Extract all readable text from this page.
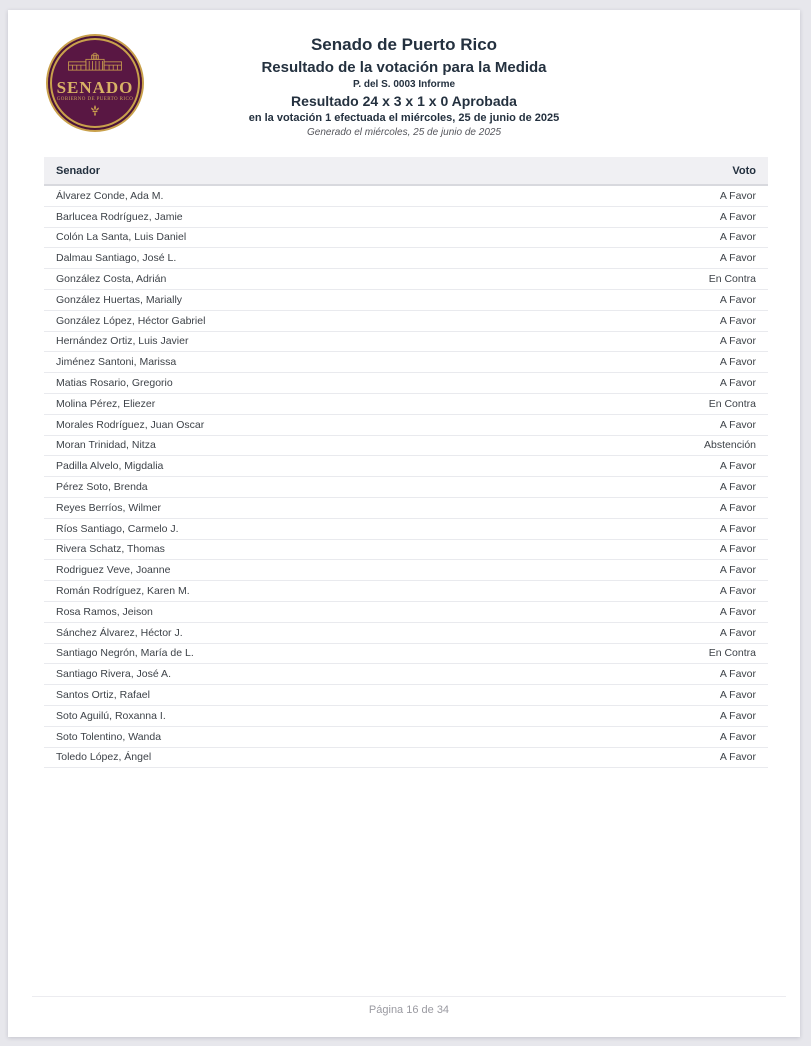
SENADO
GOBIERNO DE PUERTO RICO
Senado de Puerto Rico
Resultado de la votación para la Medida
P. del S. 0003 Informe
Resultado 24 x 3 x 1 x 0 Aprobada
en la votación 1 efectuada el miércoles, 25 de junio de 2025
Generado el miércoles, 25 de junio de 2025
Senador	Voto
Álvarez Conde, Ada M.	A Favor
Barlucea Rodríguez, Jamie	A Favor
Colón La Santa, Luis Daniel	A Favor
Dalmau Santiago, José L.	A Favor
González Costa, Adrián	En Contra
González Huertas, Marially	A Favor
González López, Héctor Gabriel	A Favor
Hernández Ortiz, Luis Javier	A Favor
Jiménez Santoni, Marissa	A Favor
Matias Rosario, Gregorio	A Favor
Molina Pérez, Eliezer	En Contra
Morales Rodríguez, Juan Oscar	A Favor
Moran Trinidad, Nitza	Abstención
Padilla Alvelo, Migdalia	A Favor
Pérez Soto, Brenda	A Favor
Reyes Berríos, Wilmer	A Favor
Ríos Santiago, Carmelo J.	A Favor
Rivera Schatz, Thomas	A Favor
Rodriguez Veve, Joanne	A Favor
Román Rodríguez, Karen M.	A Favor
Rosa Ramos, Jeison	A Favor
Sánchez Álvarez, Héctor J.	A Favor
Santiago Negrón, María de L.	En Contra
Santiago Rivera, José A.	A Favor
Santos Ortiz, Rafael	A Favor
Soto Aguilú, Roxanna I.	A Favor
Soto Tolentino, Wanda	A Favor
Toledo López, Ángel	A Favor
Página 16 de 34
